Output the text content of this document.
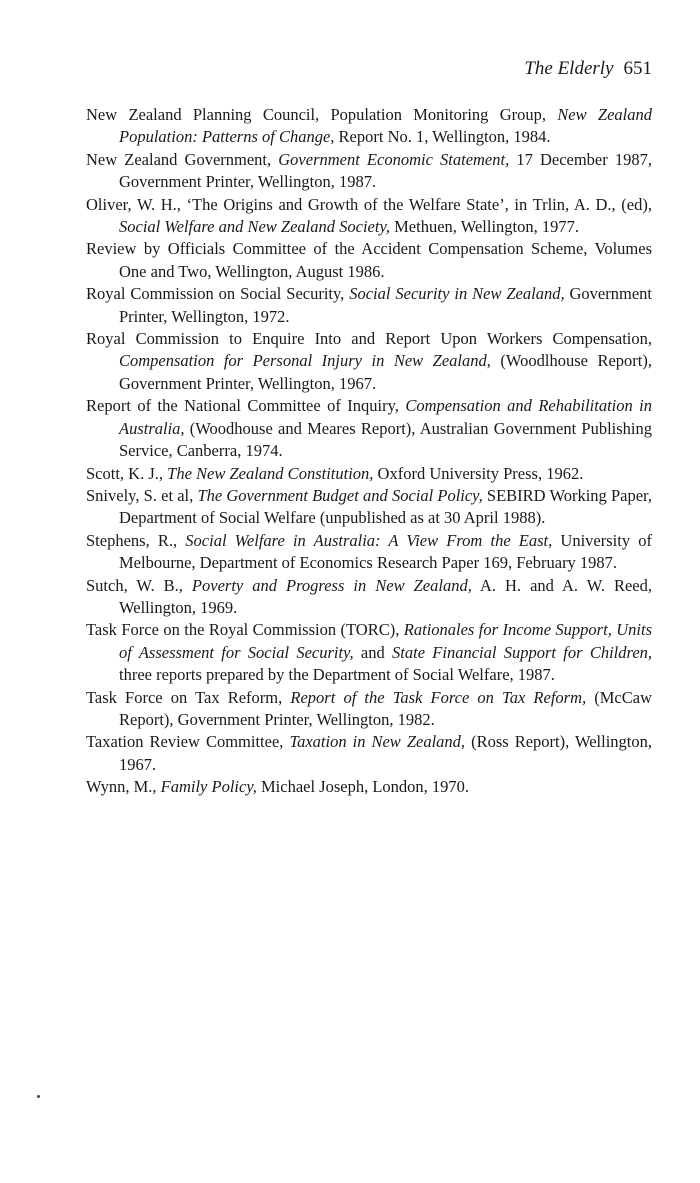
The Elderly 651
New Zealand Planning Council, Population Monitoring Group, New Zealand Population: Patterns of Change, Report No. 1, Wellington, 1984.
New Zealand Government, Government Economic Statement, 17 December 1987, Government Printer, Wellington, 1987.
Oliver, W. H., ‘The Origins and Growth of the Welfare State’, in Trlin, A. D., (ed), Social Welfare and New Zealand Society, Methuen, Wellington, 1977.
Review by Officials Committee of the Accident Compensation Scheme, Volumes One and Two, Wellington, August 1986.
Royal Commission on Social Security, Social Security in New Zealand, Government Printer, Wellington, 1972.
Royal Commission to Enquire Into and Report Upon Workers Compensation, Compensation for Personal Injury in New Zealand, (Woodlhouse Report), Government Printer, Wellington, 1967.
Report of the National Committee of Inquiry, Compensation and Rehabilitation in Australia, (Woodhouse and Meares Report), Australian Government Publishing Service, Canberra, 1974.
Scott, K. J., The New Zealand Constitution, Oxford University Press, 1962.
Snively, S. et al, The Government Budget and Social Policy, SEBIRD Working Paper, Department of Social Welfare (unpublished as at 30 April 1988).
Stephens, R., Social Welfare in Australia: A View From the East, University of Melbourne, Department of Economics Research Paper 169, February 1987.
Sutch, W. B., Poverty and Progress in New Zealand, A. H. and A. W. Reed, Wellington, 1969.
Task Force on the Royal Commission (TORC), Rationales for Income Support, Units of Assessment for Social Security, and State Financial Support for Children, three reports prepared by the Department of Social Welfare, 1987.
Task Force on Tax Reform, Report of the Task Force on Tax Reform, (McCaw Report), Government Printer, Wellington, 1982.
Taxation Review Committee, Taxation in New Zealand, (Ross Report), Wellington, 1967.
Wynn, M., Family Policy, Michael Joseph, London, 1970.
